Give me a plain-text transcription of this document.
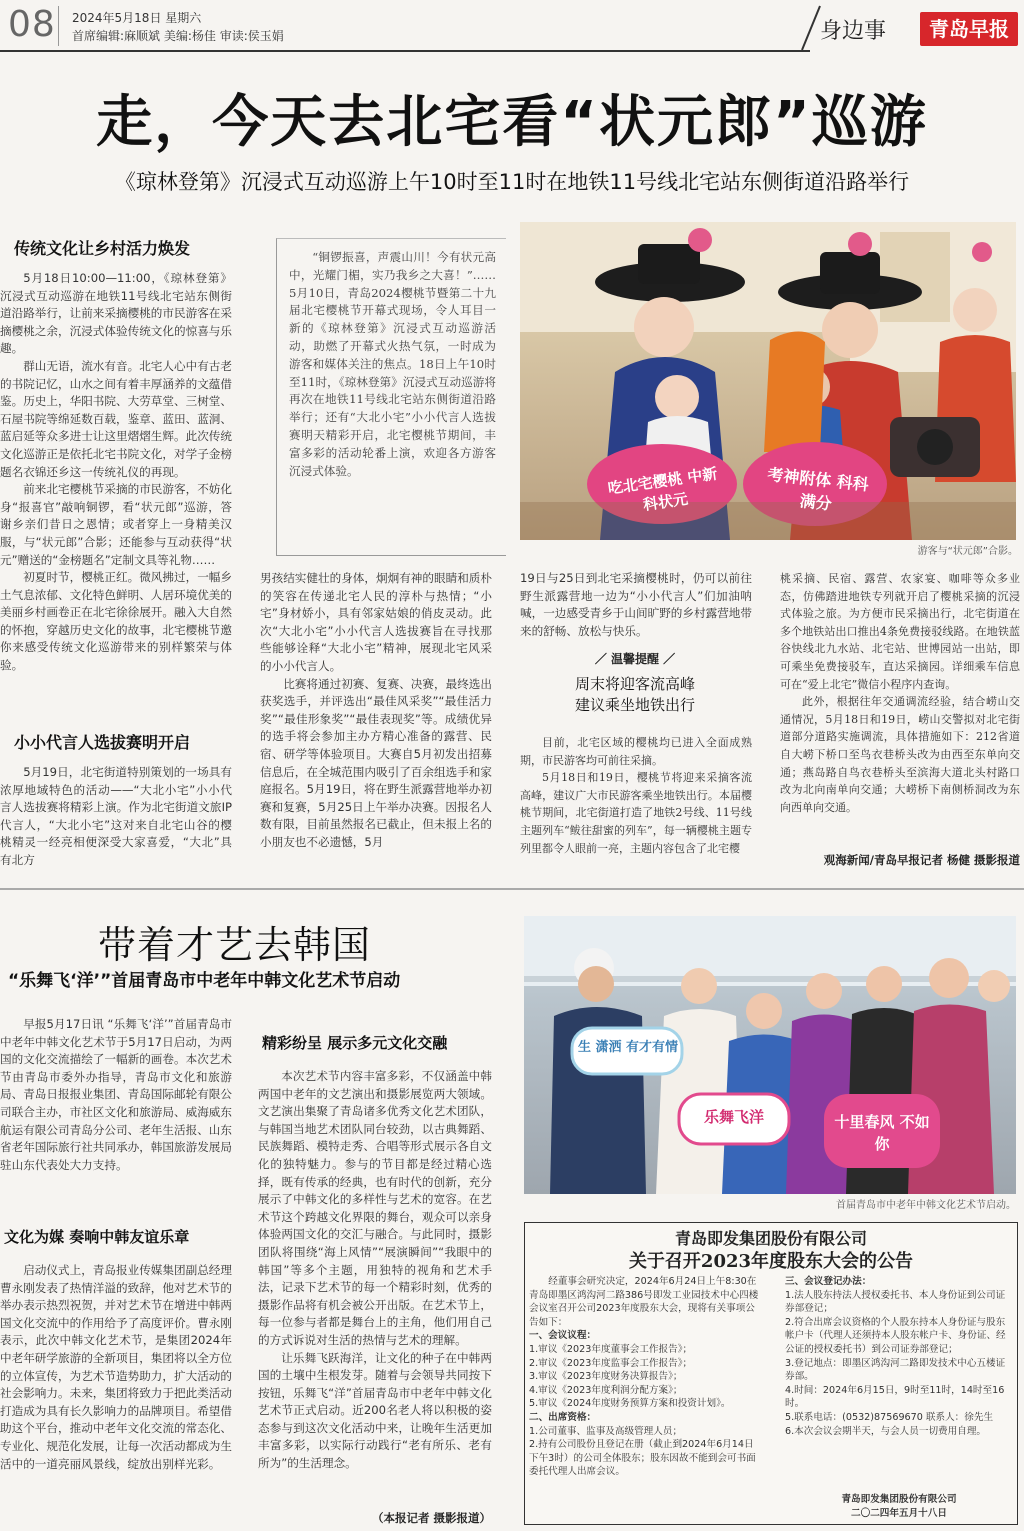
08 2024年5月18日 星期六
首席编辑:麻顺斌 美编:杨佳 审读:侯玉娟	身边事	青岛早报
走，今天去北宅看“状元郎”巡游
《琼林登第》沉浸式互动巡游上午10时至11时在地铁11号线北宅站东侧街道沿路举行
传统文化让乡村活力焕发

5月18日10:00—11:00，《琼林登第》沉浸式互动巡游在地铁11号线北宅站东侧街道沿路举行，让前来采摘樱桃的市民游客在采摘樱桃之余，沉浸式体验传统文化的惊喜与乐趣。

群山无语，流水有音。北宅人心中有古老的书院记忆，山水之间有着丰厚涵养的文蕴借鉴。历史上，华阳书院、大劳草堂、三树堂、石屋书院等绵延数百载，鉴章、蓝田、蓝洞、蓝启延等众多进士让这里熠熠生辉。此次传统文化巡游正是依托北宅书院文化，对学子金榜题名衣锦还乡这一传统礼仪的再现。

前来北宅樱桃节采摘的市民游客，不妨化身“报喜官”敲响铜锣，看“状元郎”巡游，答谢乡亲们昔日之恩情；或者穿上一身精美汉服，与“状元郎”合影；还能参与互动获得“状元”赠送的“金榜题名”定制文具等礼物……

初夏时节，樱桃正红。微风拂过，一幅乡土气息浓郁、文化特色鲜明、人居环境优美的美丽乡村画卷正在北宅徐徐展开。融入大自然的怀抱，穿越历史文化的故事，北宅樱桃节邀你来感受传统文化巡游带来的别样繁荣与体验。

小小代言人选拔赛明开启

5月19日，北宅街道特别策划的一场具有浓厚地域特色的活动——“大北小宅”小小代言人选拔赛将精彩上演。作为北宅街道文旅IP代言人，“大北小宅”这对来自北宅山谷的樱桃精灵一经亮相便深受大家喜爱，“大北”具有北方

“铜锣振喜，声震山川！今有状元高中，光耀门楣，实乃我乡之大喜！”……5月10日，青岛2024樱桃节暨第二十九届北宅樱桃节开幕式现场，令人耳目一新的《琼林登第》沉浸式互动巡游活动，助燃了开幕式火热气氛，一时成为游客和媒体关注的焦点。18日上午10时至11时，《琼林登第》沉浸式互动巡游将再次在地铁11号线北宅站东侧街道沿路举行；还有“大北小宅”小小代言人选拔赛明天精彩开启，北宅樱桃节期间，丰富多彩的活动轮番上演，欢迎各方游客沉浸式体验。	吃北宅樱桃 中新科状元
考神附体 科科满分
游客与“状元郎”合影。
男孩结实健壮的身体，炯炯有神的眼睛和质朴的笑容在传递北宅人民的淳朴与热情；“小宅”身材娇小，具有邻家姑娘的俏皮灵动。此次“大北小宅”小小代言人选拔赛旨在寻找那些能够诠释“大北小宅”精神，展现北宅风采的小小代言人。

比赛将通过初赛、复赛、决赛，最终选出获奖选手，并评选出“最佳风采奖”“最佳活力奖”“最佳形象奖”“最佳表现奖”等。成绩优异的选手将会参加主办方精心准备的露营、民宿、研学等体验项目。大赛自5月初发出招募信息后，在全城范围内吸引了百余组选手和家庭报名。5月19日，将在野生派露营地举办初赛和复赛，5月25日上午举办决赛。因报名人数有限，目前虽然报名已截止，但未报上名的小朋友也不必遗憾，5月

19日与25日到北宅采摘樱桃时，仍可以前往野生派露营地一边为“小小代言人”们加油呐喊，一边感受青乡于山间旷野的乡村露营地带来的舒畅、放松与快乐。
／ 温馨提醒 ／
周末将迎客流高峰
建议乘坐地铁出行

目前，北宅区域的樱桃均已进入全面成熟期，市民游客均可前往采摘。

5月18日和19日，樱桃节将迎来采摘客流高峰，建议广大市民游客乘坐地铁出行。本届樱桃节期间，北宅街道打造了地铁2号线、11号线主题列车“鲅往甜蜜的列车”，每一辆樱桃主题专列里都令人眼前一亮，主题内容包含了北宅樱

桃采摘、民宿、露营、农家宴、咖啡等众多业态，仿佛踏进地铁专列就开启了樱桃采摘的沉浸式体验之旅。为方便市民采摘出行，北宅街道在多个地铁站出口推出4条免费接驳线路。在地铁蓝谷快线北九水站、北宅站、世博园站一出站，即可乘坐免费接驳车，直达采摘园。详细乘车信息可在“爱上北宅”微信小程序内查询。

此外，根据往年交通调流经验，结合崂山交通情况，5月18日和19日，崂山交警拟对北宅街道部分道路实施调流，具体措施如下：212省道自大崂下桥口至鸟衣巷桥头改为由西至东单向交通；燕岛路自鸟衣巷桥头至滨海大道北头村路口改为北向南单向交通；大崂桥下南侧桥洞改为东向西单向交通。

观海新闻/青岛早报记者 杨健 摄影报道
带着才艺去韩国
“乐舞飞‘洋’”首届青岛市中老年中韩文化艺术节启动

早报5月17日讯 “乐舞飞‘洋’”首届青岛市中老年中韩文化艺术节于5月17日启动，为两国的文化交流描绘了一幅新的画卷。本次艺术节由青岛市委外办指导，青岛市文化和旅游局、青岛日报报业集团、青岛国际邮轮有限公司联合主办，市社区文化和旅游局、威海威东航运有限公司青岛分公司、老年生活报、山东省老年国际旅行社共同承办，韩国旅游发展局驻山东代表处大力支持。

文化为媒 奏响中韩友谊乐章

启动仪式上，青岛报业传媒集团副总经理曹永刚发表了热情洋溢的致辞，他对艺术节的举办表示热烈祝贺，并对艺术节在增进中韩两国文化交流中的作用给予了高度评价。曹永刚表示，此次中韩文化艺术节，是集团2024年中老年研学旅游的全新项目，集团将以全方位的立体宣传，为艺术节造势助力，扩大活动的社会影响力。未来，集团将致力于把此类活动打造成为具有长久影响力的品牌项目。希望借助这个平台，推动中老年文化交流的常态化、专业化、规范化发展，让每一次活动都成为生活中的一道亮丽风景线，绽放出别样光彩。

精彩纷呈 展示多元文化交融

本次艺术节内容丰富多彩，不仅涵盖中韩两国中老年的文艺演出和摄影展览两大领域。文艺演出集聚了青岛诸多优秀文化艺术团队，与韩国当地艺术团队同台较劲，以古典舞蹈、民族舞蹈、模特走秀、合唱等形式展示各自文化的独特魅力。参与的节目都是经过精心选择，既有传承的经典，也有时代的创新，充分展示了中韩文化的多样性与艺术的宽容。在艺术节这个跨越文化界限的舞台，观众可以亲身体验两国文化的交汇与融合。与此同时，摄影团队将围绕“海上风情”“展演瞬间”“我眼中的韩国”等多个主题，用独特的视角和艺术手法，记录下艺术节的每一个精彩时刻，优秀的摄影作品将有机会被公开出版。在艺术节上，每一位参与者都是舞台上的主角，他们用自己的方式诉说对生活的热情与艺术的理解。

让乐舞飞跃海洋，让文化的种子在中韩两国的土壤中生根发芽。随着与会领导共同按下按钮，乐舞飞“洋”首届青岛市中老年中韩文化艺术节正式启动。近200名老人将以积极的姿态参与到这次文化活动中来，让晚年生活更加丰富多彩，以实际行动践行“老有所乐、老有所为”的生活理念。

（本报记者 摄影报道）
生 潇洒 有才有情
乐舞飞洋	十里春风 不如你
首届青岛市中老年中韩文化艺术节启动。
青岛即发集团股份有限公司
关于召开2023年度股东大会的公告
经董事会研究决定，2024年6月24日上午8:30在青岛即墨区鸿沟河二路386号即发工业园技术中心四楼会议室召开公司2023年度股东大会，现将有关事项公告如下：
一、会议议程：
1.审议《2023年度董事会工作报告》；
2.审议《2023年度监事会工作报告》；
3.审议《2023年度财务决算报告》；
4.审议《2023年度利润分配方案》；
5.审议《2024年度财务预算方案和投资计划》。
二、出席资格：
1.公司董事、监事及高级管理人员；
2.持有公司股份且登记在册（截止到2024年6月14日下午3时）的公司全体股东；股东因故不能到会可书面委托代理人出席会议。
三、会议登记办法：
1.法人股东持法人授权委托书、本人身份证到公司证券部登记；
2.符合出席会议资格的个人股东持本人身份证与股东帐户卡（代理人还须持本人股东帐户卡、身份证、经公证的授权委托书）到公司证券部登记；
3.登记地点：即墨区鸿沟河二路即发技术中心五楼证券部。
4.时间：2024年6月15日，9时至11时，14时至16时。
5.联系电话：(0532)87569670 联系人：徐先生
6.本次会议会期半天，与会人员一切费用自理。
青岛即发集团股份有限公司
二〇二四年五月十八日
